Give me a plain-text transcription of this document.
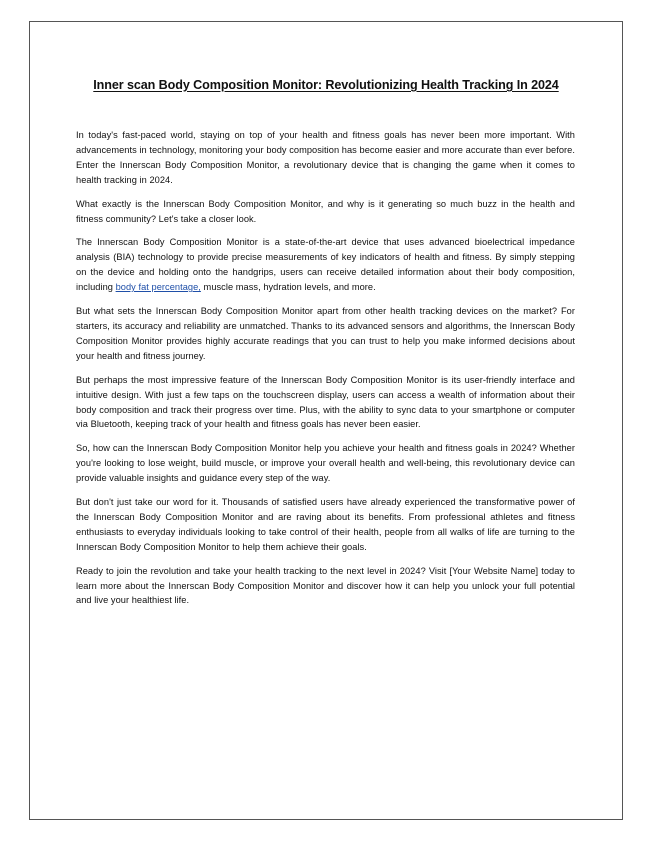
Inner scan Body Composition Monitor: Revolutionizing Health Tracking In 2024

In today's fast-paced world, staying on top of your health and fitness goals has never been more important. With advancements in technology, monitoring your body composition has become easier and more accurate than ever before. Enter the Innerscan Body Composition Monitor, a revolutionary device that is changing the game when it comes to health tracking in 2024.

What exactly is the Innerscan Body Composition Monitor, and why is it generating so much buzz in the health and fitness community? Let's take a closer look.

The Innerscan Body Composition Monitor is a state-of-the-art device that uses advanced bioelectrical impedance analysis (BIA) technology to provide precise measurements of key indicators of health and fitness. By simply stepping on the device and holding onto the handgrips, users can receive detailed information about their body composition, including body fat percentage, muscle mass, hydration levels, and more.

But what sets the Innerscan Body Composition Monitor apart from other health tracking devices on the market? For starters, its accuracy and reliability are unmatched. Thanks to its advanced sensors and algorithms, the Innerscan Body Composition Monitor provides highly accurate readings that you can trust to help you make informed decisions about your health and fitness journey.

But perhaps the most impressive feature of the Innerscan Body Composition Monitor is its user-friendly interface and intuitive design. With just a few taps on the touchscreen display, users can access a wealth of information about their body composition and track their progress over time. Plus, with the ability to sync data to your smartphone or computer via Bluetooth, keeping track of your health and fitness goals has never been easier.

So, how can the Innerscan Body Composition Monitor help you achieve your health and fitness goals in 2024? Whether you're looking to lose weight, build muscle, or improve your overall health and well-being, this revolutionary device can provide valuable insights and guidance every step of the way.

But don't just take our word for it. Thousands of satisfied users have already experienced the transformative power of the Innerscan Body Composition Monitor and are raving about its benefits. From professional athletes and fitness enthusiasts to everyday individuals looking to take control of their health, people from all walks of life are turning to the Innerscan Body Composition Monitor to help them achieve their goals.

Ready to join the revolution and take your health tracking to the next level in 2024? Visit [Your Website Name] today to learn more about the Innerscan Body Composition Monitor and discover how it can help you unlock your full potential and live your healthiest life.
